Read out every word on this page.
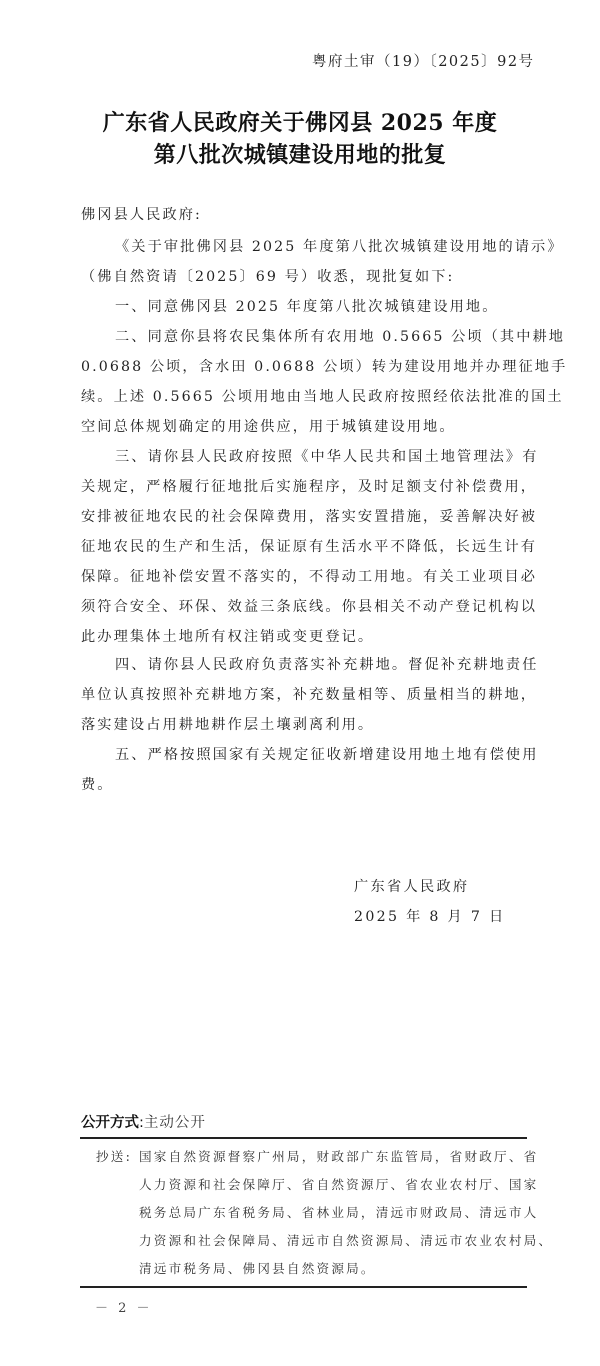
粤府土审（19）〔2025〕92号
广东省人民政府关于佛冈县 2025 年度
第八批次城镇建设用地的批复
佛冈县人民政府:
《关于审批佛冈县 2025 年度第八批次城镇建设用地的请示》
（佛自然资请〔2025〕69 号）收悉，现批复如下:
一、同意佛冈县 2025 年度第八批次城镇建设用地。
二、同意你县将农民集体所有农用地 0.5665 公顷（其中耕地
0.0688 公顷，含水田 0.0688 公顷）转为建设用地并办理征地手
续。上述 0.5665 公顷用地由当地人民政府按照经依法批准的国土
空间总体规划确定的用途供应，用于城镇建设用地。
三、请你县人民政府按照《中华人民共和国土地管理法》有
关规定，严格履行征地批后实施程序，及时足额支付补偿费用，
安排被征地农民的社会保障费用，落实安置措施，妥善解决好被
征地农民的生产和生活，保证原有生活水平不降低，长远生计有
保障。征地补偿安置不落实的，不得动工用地。有关工业项目必
须符合安全、环保、效益三条底线。你县相关不动产登记机构以
此办理集体土地所有权注销或变更登记。
四、请你县人民政府负责落实补充耕地。督促补充耕地责任
单位认真按照补充耕地方案，补充数量相等、质量相当的耕地，
落实建设占用耕地耕作层土壤剥离利用。
五、严格按照国家有关规定征收新增建设用地土地有偿使用
费。
广东省人民政府
2025 年 8 月 7 日
公开方式:主动公开
抄送: 国家自然资源督察广州局，财政部广东监管局，省财政厅、省
人力资源和社会保障厅、省自然资源厅、省农业农村厅、国家
税务总局广东省税务局、省林业局，清远市财政局、清远市人
力资源和社会保障局、清远市自然资源局、清远市农业农村局、
清远市税务局、佛冈县自然资源局。
－ 2 －
